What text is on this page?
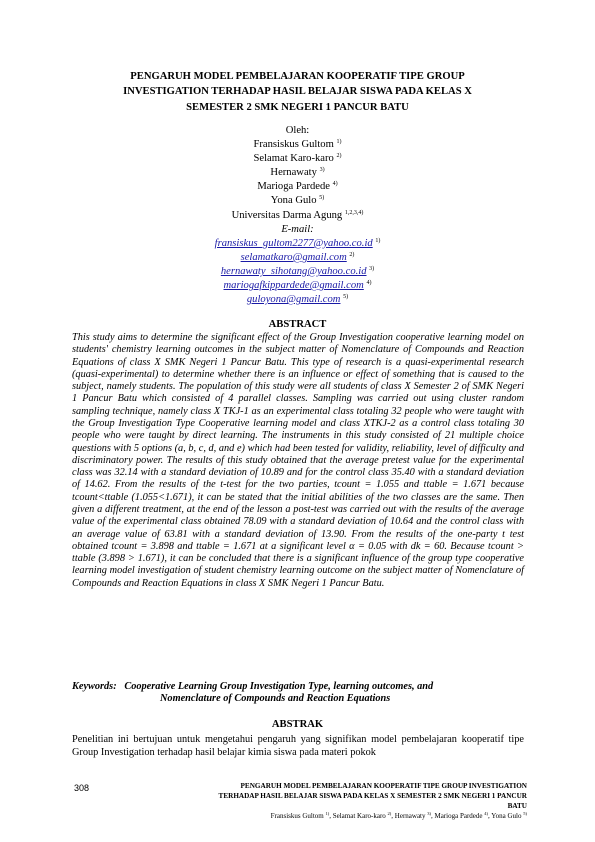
PENGARUH MODEL PEMBELAJARAN KOOPERATIF TIPE GROUP
INVESTIGATION TERHADAP HASIL BELAJAR SISWA PADA KELAS X
SEMESTER 2 SMK NEGERI 1 PANCUR BATU
Oleh:
Fransiskus Gultom $^{1)}$
Selamat Karo-karo $^{2)}$
Hernawaty $^{3)}$
Marioga Pardede $^{4)}$
Yona Gulo $^{5)}$
Universitas Darma Agung $^{1,2,3,4)}$
E-mail:
fransiskus_gultom2277@yahoo.co.id $^{1)}$
selamatkaro@gmail.com $^{2)}$
hernawaty_sihotang@yahoo.co.id $^{3)}$
mariogafkippardede@gmail.com $^{4)}$
guloyona@gmail.com $^{5)}$
ABSTRACT
This study aims to determine the significant effect of the Group Investigation cooperative learning model on students' chemistry learning outcomes in the subject matter of Nomenclature of Compounds and Reaction Equations of class X SMK Negeri 1 Pancur Batu. This type of research is a quasi-experimental research (quasi-experimental) to determine whether there is an influence or effect of something that is caused to the subject, namely students. The population of this study were all students of class X Semester 2 of SMK Negeri 1 Pancur Batu which consisted of 4 parallel classes. Sampling was carried out using cluster random sampling technique, namely class X TKJ-1 as an experimental class totaling 32 people who were taught with the Group Investigation Type Cooperative learning model and class XTKJ-2 as a control class totaling 30 people who were taught by direct learning. The instruments in this study consisted of 21 multiple choice questions with 5 options (a, b, c, d, and e) which had been tested for validity, reliability, level of difficulty and discriminatory power. The results of this study obtained that the average pretest value for the experimental class was 32.14 with a standard deviation of 10.89 and for the control class 35.40 with a standard deviation of 14.62. From the results of the t-test for the two parties, tcount = 1.055 and ttable = 1.671 because tcount<ttable (1.055<1.671), it can be stated that the initial abilities of the two classes are the same. Then given a different treatment, at the end of the lesson a post-test was carried out with the results of the average value of the experimental class obtained 78.09 with a standard deviation of 10.64 and the control class with an average value of 63.81 with a standard deviation of 13.90. From the results of the one-party t test obtained tcount = 3.898 and ttable = 1.671 at a significant level α = 0.05 with dk = 60. Because tcount > ttable (3.898 > 1.671), it can be concluded that there is a significant influence of the group type cooperative learning model investigation of student chemistry learning outcome on the subject matter of Nomenclature of Compounds and Reaction Equations in class X SMK Negeri 1 Pancur Batu.
Keywords: Cooperative Learning Group Investigation Type, learning outcomes, and
Nomenclature of Compounds and Reaction Equations
ABSTRAK
Penelitian ini bertujuan untuk mengetahui pengaruh yang signifikan model pembelajaran kooperatif tipe Group Investigation terhadap hasil belajar kimia siswa pada materi pokok
308	PENGARUH MODEL PEMBELAJARAN KOOPERATIF TIPE GROUP INVESTIGATION
TERHADAP HASIL BELAJAR SISWA PADA KELAS X SEMESTER 2 SMK NEGERI 1 PANCUR
BATU
Fransiskus Gultom $^{1)}$, Selamat Karo-karo $^{2)}$, Hernawaty $^{3)}$, Marioga Pardede $^{4)}$, Yona Gulo $^{5)}$
